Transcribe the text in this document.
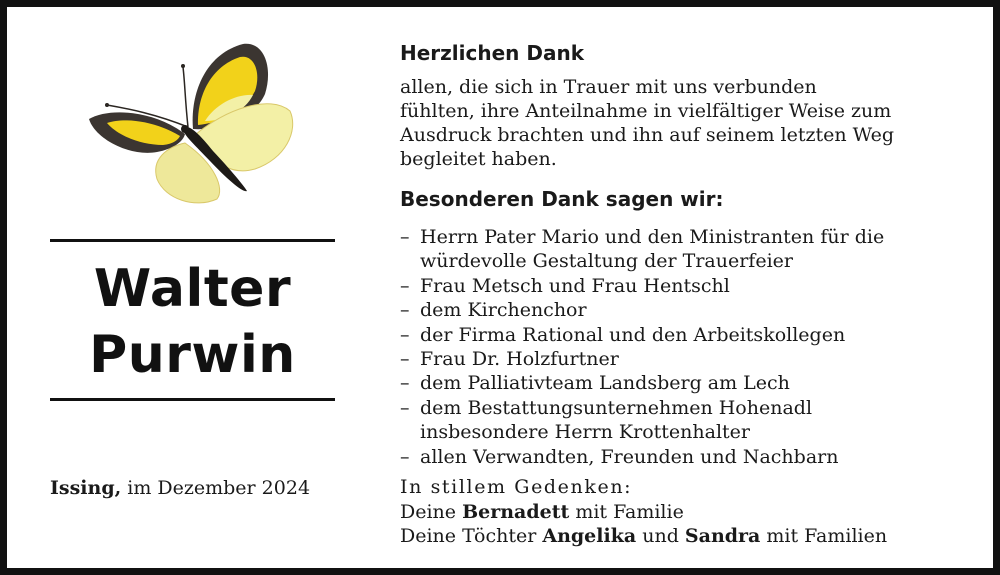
Walter
Purwin
Issing, im Dezember 2024
Herzlichen Dank

allen, die sich in Trauer mit uns verbunden
fühlten, ihre Anteilnahme in vielfältiger Weise zum
Ausdruck brachten und ihn auf seinem letzten Weg
begleitet haben.

Besonderen Dank sagen wir:
– Herrn Pater Mario und den Ministranten für die
würdevolle Gestaltung der Trauerfeier
– Frau Metsch und Frau Hentschl
– dem Kirchenchor
– der Firma Rational und den Arbeitskollegen
– Frau Dr. Holzfurtner
– dem Palliativteam Landsberg am Lech
– dem Bestattungsunternehmen Hohenadl
insbesondere Herrn Krottenhalter
– allen Verwandten, Freunden und Nachbarn
In stillem Gedenken:
Deine Bernadett mit Familie
Deine Töchter Angelika und Sandra mit Familien
